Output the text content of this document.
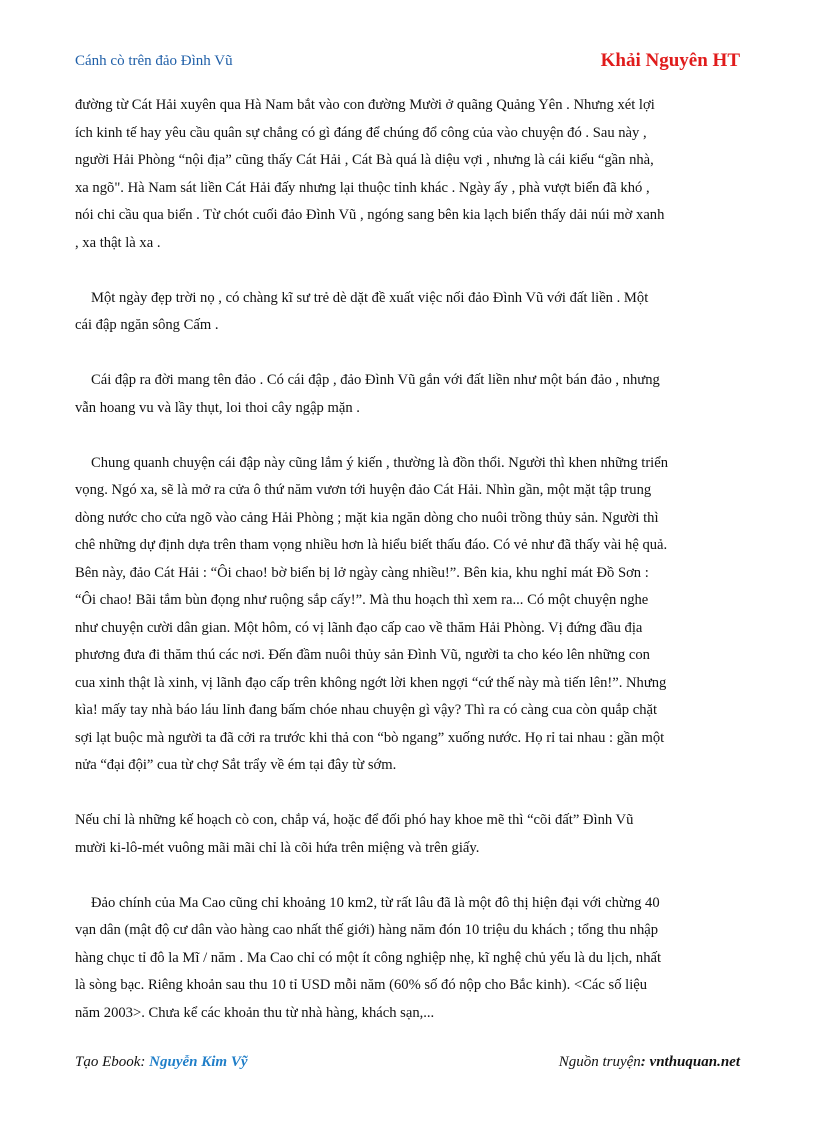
Cánh cò trên đảo Đình Vũ	Khải Nguyên HT

đường từ Cát Hải xuyên qua Hà Nam bắt vào con đường Mười ở quãng Quảng Yên . Nhưng xét lợi
ích kinh tế hay yêu cầu quân sự chẳng có gì đáng để chúng đổ công của vào chuyện đó . Sau này ,
người Hải Phòng “nội địa” cũng thấy Cát Hải , Cát Bà quá là diệu vợi , nhưng là cái kiểu “gần nhà,
xa ngõ". Hà Nam sát liền Cát Hải đấy nhưng lại thuộc tỉnh khác . Ngày ấy , phà vượt biển đã khó ,
nói chi cầu qua biển . Từ chót cuối đảo Đình Vũ , ngóng sang bên kia lạch biển thấy dải núi mờ xanh
, xa thật là xa .

Một ngày đẹp trời nọ , có chàng kĩ sư trẻ dè dặt đề xuất việc nối đảo Đình Vũ với đất liền . Một
cái đập ngăn sông Cấm .

Cái đập ra đời mang tên đảo . Có cái đập , đảo Đình Vũ gắn với đất liền như một bán đảo , nhưng
vẫn hoang vu và lầy thụt, loi thoi cây ngập mặn .

Chung quanh chuyện cái đập này cũng lắm ý kiến , thường là đồn thổi. Người thì khen những triển
vọng. Ngó xa, sẽ là mở ra cửa ô thứ năm vươn tới huyện đảo Cát Hải. Nhìn gần, một mặt tập trung
dòng nước cho cửa ngõ vào cảng Hải Phòng ; mặt kia ngăn dòng cho nuôi trồng thủy sản. Người thì
chê những dự định dựa trên tham vọng nhiều hơn là hiểu biết thấu đáo. Có vẻ như đã thấy vài hệ quả.
Bên này, đảo Cát Hải : “Ôi chao! bờ biển bị lở ngày càng nhiều!”. Bên kia, khu nghỉ mát Đồ Sơn :
“Ôi chao! Bãi tắm bùn đọng như ruộng sắp cấy!”. Mà thu hoạch thì xem ra... Có một chuyện nghe
như chuyện cười dân gian. Một hôm, có vị lãnh đạo cấp cao về thăm Hải Phòng. Vị đứng đầu địa
phương đưa đi thăm thú các nơi. Đến đầm nuôi thủy sản Đình Vũ, người ta cho kéo lên những con
cua xinh thật là xinh, vị lãnh đạo cấp trên không ngớt lời khen ngợi “cứ thế này mà tiến lên!”. Nhưng
kìa! mấy tay nhà báo láu lỉnh đang bấm chóe nhau chuyện gì vậy? Thì ra có càng cua còn quắp chặt
sợi lạt buộc mà người ta đã cởi ra trước khi thả con “bò ngang” xuống nước. Họ rỉ tai nhau : gần một
nửa “đại đội” cua từ chợ Sắt trẩy về ém tại đây từ sớm.

Nếu chỉ là những kế hoạch cò con, chắp vá, hoặc để đối phó hay khoe mẽ thì “cõi đất” Đình Vũ
mười ki-lô-mét vuông mãi mãi chỉ là cõi hứa trên miệng và trên giấy.

Đảo chính của Ma Cao cũng chỉ khoảng 10 km2, từ rất lâu đã là một đô thị hiện đại với chừng 40
vạn dân (mật độ cư dân vào hàng cao nhất thế giới) hàng năm đón 10 triệu du khách ; tổng thu nhập
hàng chục tỉ đô la Mĩ / năm . Ma Cao chỉ có một ít công nghiệp nhẹ, kĩ nghệ chủ yếu là du lịch, nhất
là sòng bạc. Riêng khoản sau thu 10 tỉ USD mỗi năm (60% số đó nộp cho Bắc kinh). <Các số liệu
năm 2003>. Chưa kể các khoản thu từ nhà hàng, khách sạn,...

Tạo Ebook: Nguyễn Kim Vỹ	Nguồn truyện: vnthuquan.net
